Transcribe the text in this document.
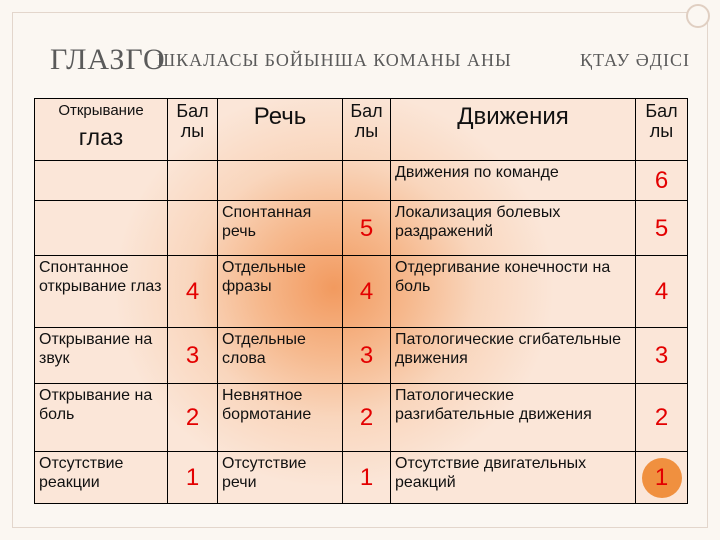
ГЛАЗГО
ШКАЛАСЫ БОЙЫНША КОМАНЫ АНЫ	ҚТАУ ӘДІСІ
Открывание
глаз	Бал лы	Речь	Бал лы	Движения	Бал лы
				Движения по команде	6
		Спонтанная речь	5	Локализация болевых раздражений	5
Спонтанное открывание глаз	4	Отдельные фразы	4	Отдергивание конечности на боль	4
Открывание на звук	3	Отдельные слова	3	Патологические сгибательные движения	3
Открывание на боль	2	Невнятное бормотание	2	Патологические разгибательные движения	2
Отсутствие реакции	1	Отсутствие речи	1	Отсутствие двигательных реакций	1
